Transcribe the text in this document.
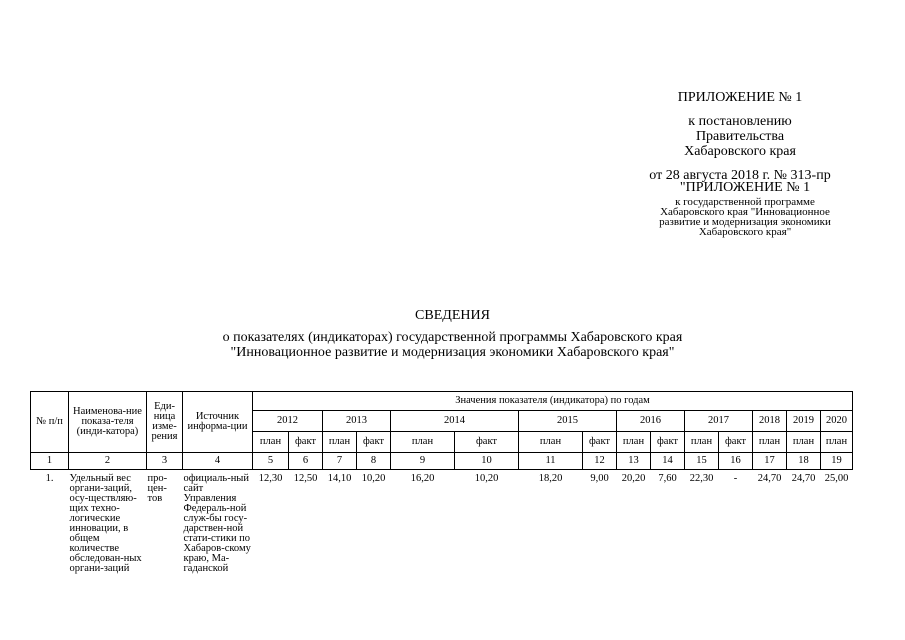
ПРИЛОЖЕНИЕ № 1
к постановлению
Правительства
Хабаровского края
от 28 августа 2018 г. № 313-пр
"ПРИЛОЖЕНИЕ № 1
к государственной программе
Хабаровского края "Инновационное
развитие и модернизация экономики
Хабаровского края"
СВЕДЕНИЯ
о показателях (индикаторах) государственной программы Хабаровского края
"Инновационное развитие и модернизация экономики Хабаровского края"
№ п/п	Наименова-ние показа-теля (инди-катора)	Еди-ница изме-рения	Источник информа-ции	Значения показателя (индикатора) по годам														
				2012		2013		2014		2015		2016		2017		2018	2019	2020
				план	факт	план	факт	план	факт	план	факт	план	факт	план	факт	план	план	план
1	2	3	4	5	6	7	8	9	10	11	12	13	14	15	16	17	18	19
1.	Удельный вес органи-заций, осу-ществляю-щих техно-логические инновации, в общем количестве обследован-ных органи-заций	про-цен-тов	официаль-ный сайт Управления Федераль-ной служ-бы госу-дарствен-ной стати-стики по Хабаров-скому краю, Ма-гаданской	12,30	12,50	14,10	10,20	16,20	10,20	18,20	9,00	20,20	7,60	22,30	-	24,70	24,70	25,00
